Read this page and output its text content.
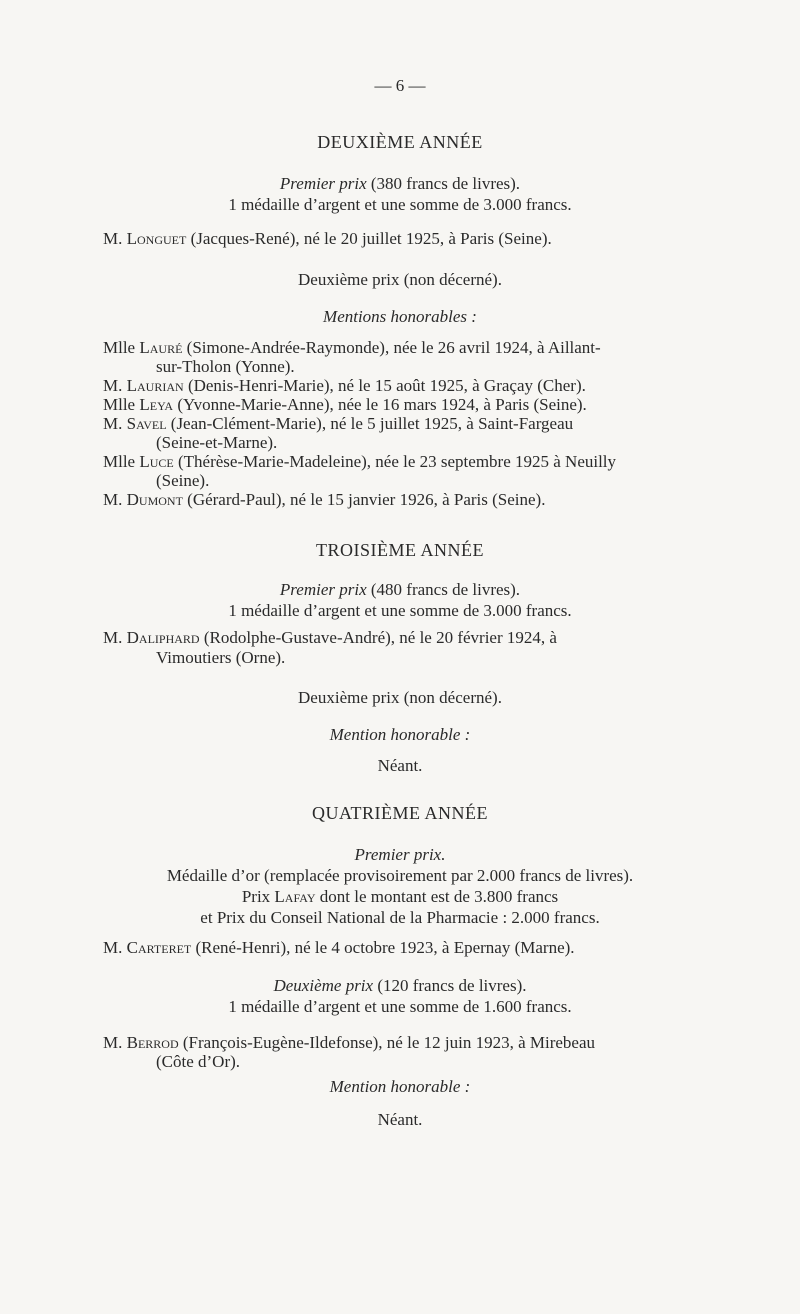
— 6 —
DEUXIÈME ANNÉE
Premier prix (380 francs de livres).
1 médaille d’argent et une somme de 3.000 francs.
M. Longuet (Jacques-René), né le 20 juillet 1925, à Paris (Seine).
Deuxième prix (non décerné).
Mentions honorables :
Mlle Lauré (Simone-Andrée-Raymonde), née le 26 avril 1924, à Aillant-
sur-Tholon (Yonne).
M. Laurian (Denis-Henri-Marie), né le 15 août 1925, à Graçay (Cher).
Mlle Leya (Yvonne-Marie-Anne), née le 16 mars 1924, à Paris (Seine).
M. Savel (Jean-Clément-Marie), né le 5 juillet 1925, à Saint-Fargeau
(Seine-et-Marne).
Mlle Luce (Thérèse-Marie-Madeleine), née le 23 septembre 1925 à Neuilly
(Seine).
M. Dumont (Gérard-Paul), né le 15 janvier 1926, à Paris (Seine).
TROISIÈME ANNÉE
Premier prix (480 francs de livres).
1 médaille d’argent et une somme de 3.000 francs.
M. Daliphard (Rodolphe-Gustave-André), né le 20 février 1924, à
Vimoutiers (Orne).
Deuxième prix (non décerné).
Mention honorable :
Néant.
QUATRIÈME ANNÉE
Premier prix.
Médaille d’or (remplacée provisoirement par 2.000 francs de livres).
Prix Lafay dont le montant est de 3.800 francs
et Prix du Conseil National de la Pharmacie : 2.000 francs.
M. Carteret (René-Henri), né le 4 octobre 1923, à Epernay (Marne).
Deuxième prix (120 francs de livres).
1 médaille d’argent et une somme de 1.600 francs.
M. Berrod (François-Eugène-Ildefonse), né le 12 juin 1923, à Mirebeau
(Côte d’Or).
Mention honorable :
Néant.
